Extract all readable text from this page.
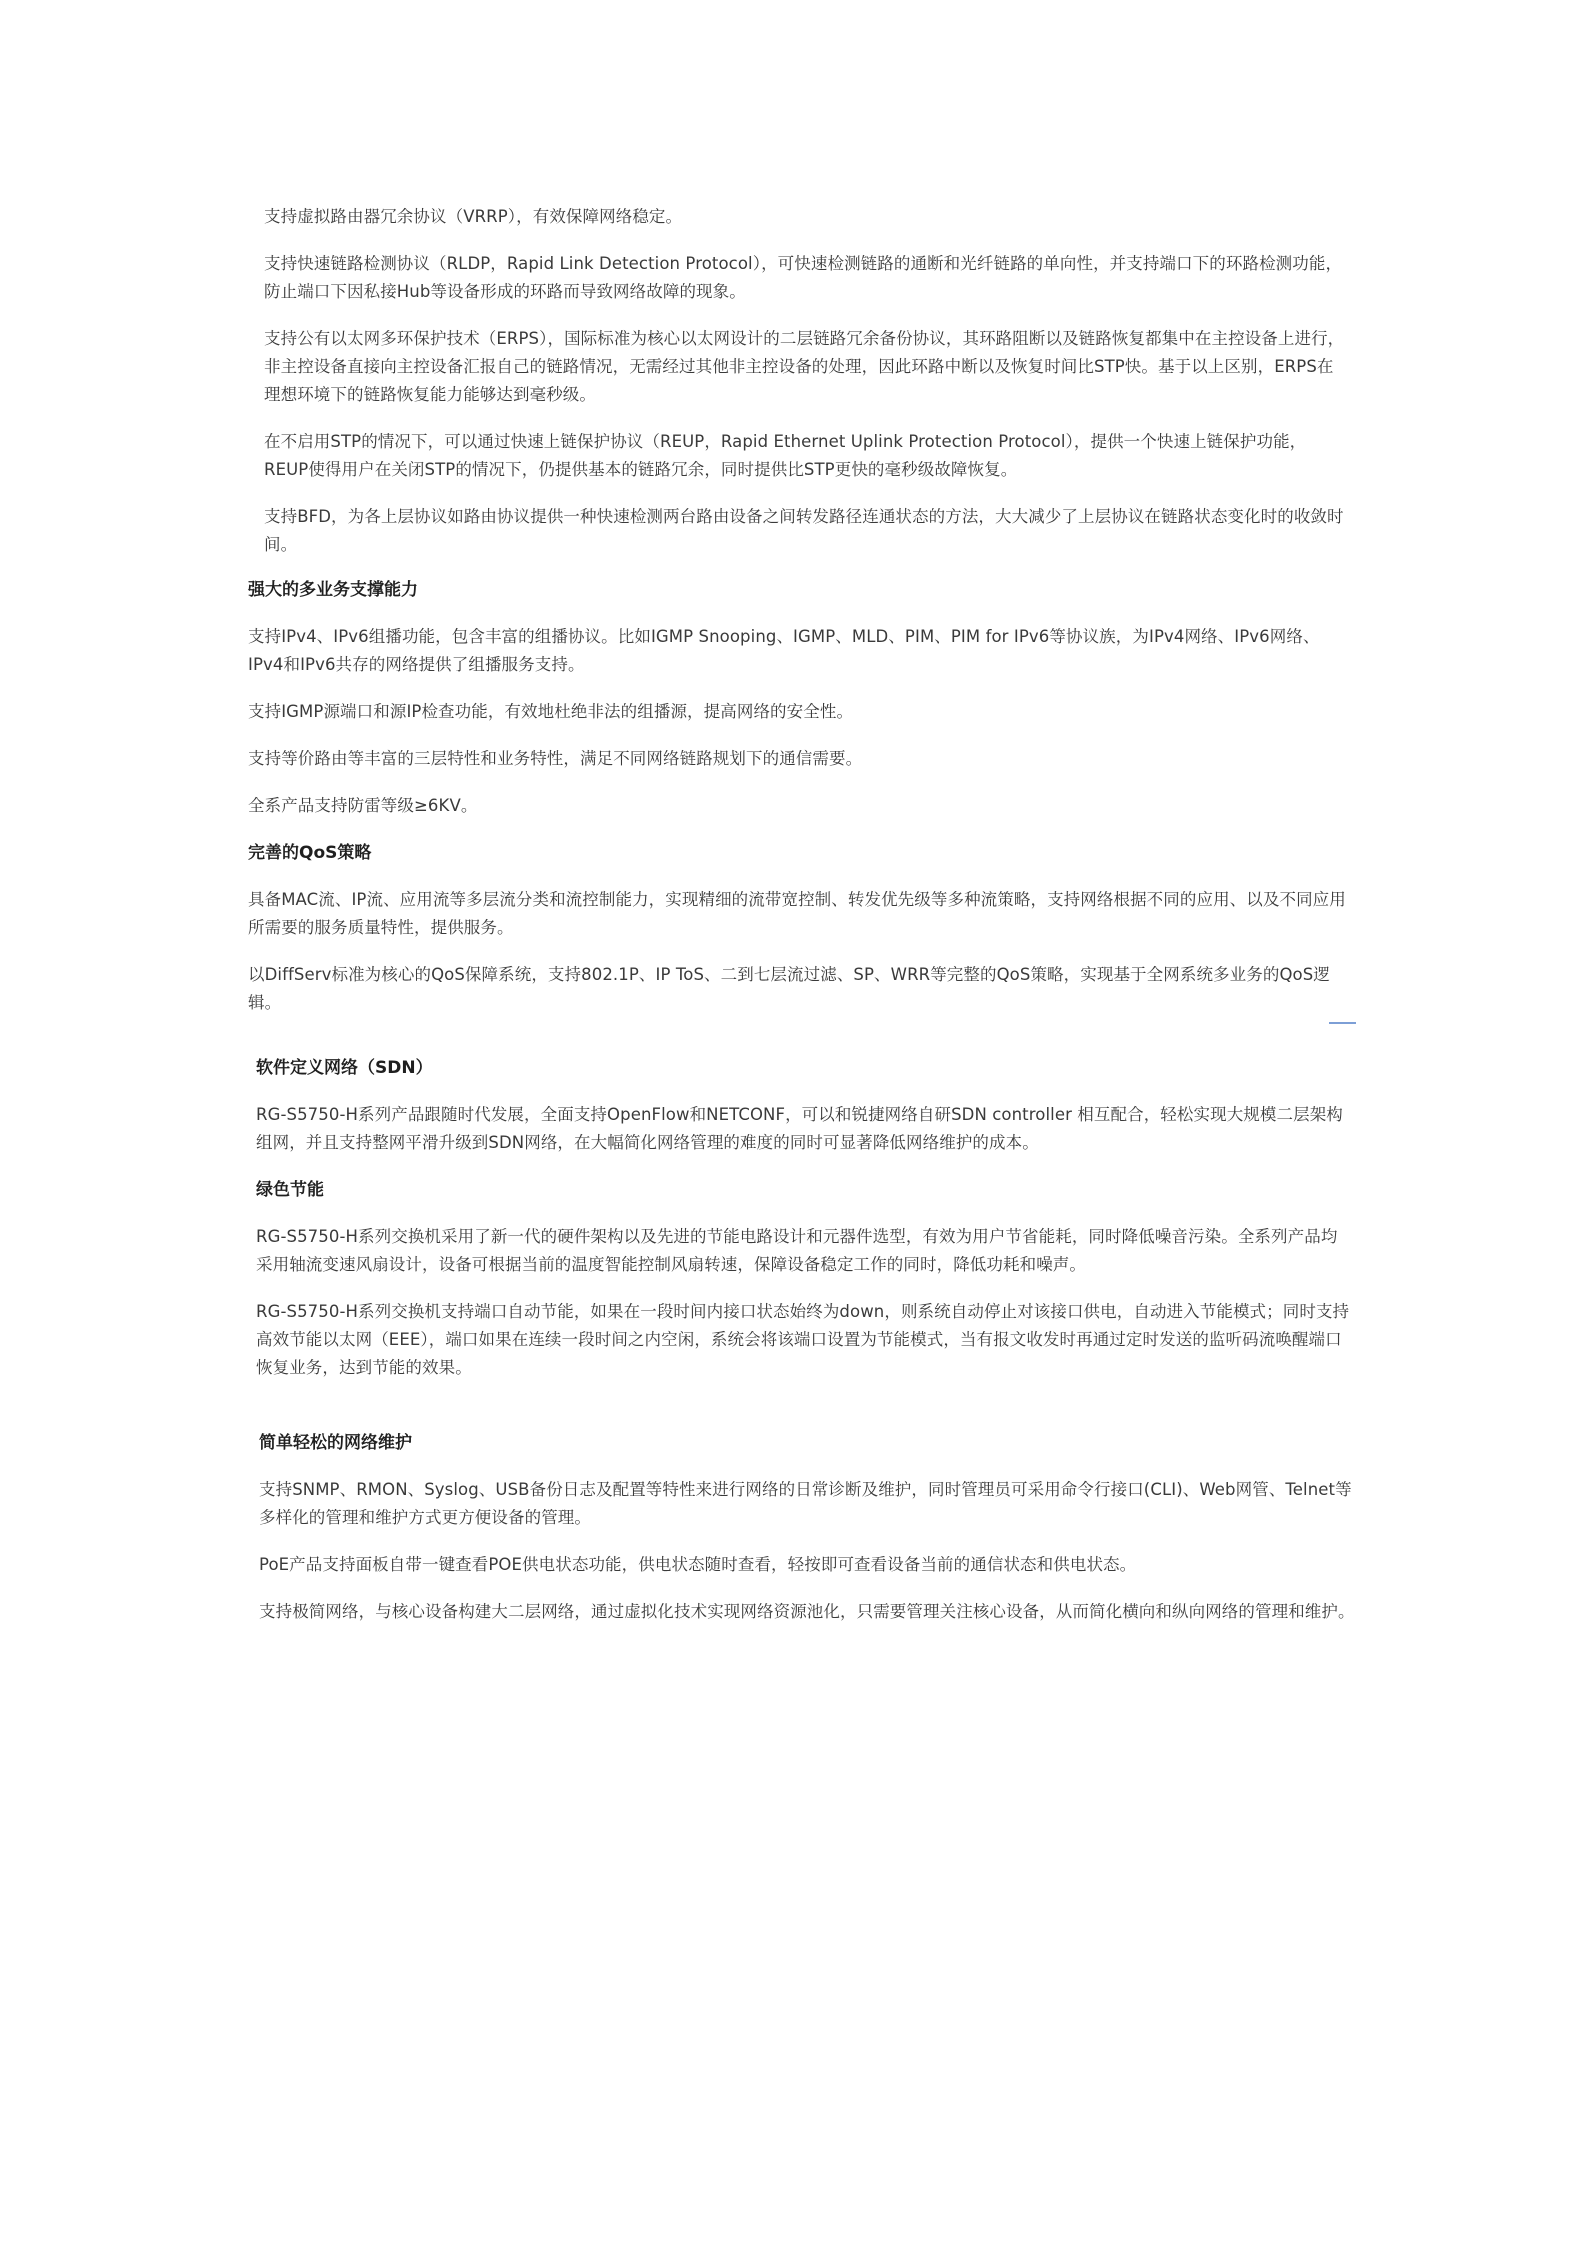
支持虚拟路由器冗余协议（VRRP），有效保障网络稳定。

支持快速链路检测协议（RLDP，Rapid Link Detection Protocol），可快速检测链路的通断和光纤链路的单向性，并支持端口下的环路检测功能，防止端口下因私接Hub等设备形成的环路而导致网络故障的现象。

支持公有以太网多环保护技术（ERPS），国际标准为核心以太网设计的二层链路冗余备份协议，其环路阻断以及链路恢复都集中在主控设备上进行，非主控设备直接向主控设备汇报自己的链路情况，无需经过其他非主控设备的处理，因此环路中断以及恢复时间比STP快。基于以上区别，ERPS在理想环境下的链路恢复能力能够达到毫秒级。

在不启用STP的情况下，可以通过快速上链保护协议（REUP，Rapid Ethernet Uplink Protection Protocol），提供一个快速上链保护功能，REUP使得用户在关闭STP的情况下，仍提供基本的链路冗余，同时提供比STP更快的毫秒级故障恢复。

支持BFD，为各上层协议如路由协议提供一种快速检测两台路由设备之间转发路径连通状态的方法，大大减少了上层协议在链路状态变化时的收敛时间。

强大的多业务支撑能力

支持IPv4、IPv6组播功能，包含丰富的组播协议。比如IGMP Snooping、IGMP、MLD、PIM、PIM for IPv6等协议族，为IPv4网络、IPv6网络、IPv4和IPv6共存的网络提供了组播服务支持。

支持IGMP源端口和源IP检查功能，有效地杜绝非法的组播源，提高网络的安全性。

支持等价路由等丰富的三层特性和业务特性，满足不同网络链路规划下的通信需要。

全系产品支持防雷等级≥6KV。

完善的QoS策略

具备MAC流、IP流、应用流等多层流分类和流控制能力，实现精细的流带宽控制、转发优先级等多种流策略，支持网络根据不同的应用、以及不同应用所需要的服务质量特性，提供服务。

以DiffServ标准为核心的QoS保障系统，支持802.1P、IP ToS、二到七层流过滤、SP、WRR等完整的QoS策略，实现基于全网系统多业务的QoS逻辑。

软件定义网络（SDN）

RG-S5750-H系列产品跟随时代发展，全面支持OpenFlow和NETCONF，可以和锐捷网络自研SDN controller 相互配合，轻松实现大规模二层架构组网，并且支持整网平滑升级到SDN网络，在大幅简化网络管理的难度的同时可显著降低网络维护的成本。

绿色节能

RG-S5750-H系列交换机采用了新一代的硬件架构以及先进的节能电路设计和元器件选型，有效为用户节省能耗，同时降低噪音污染。全系列产品均采用轴流变速风扇设计，设备可根据当前的温度智能控制风扇转速，保障设备稳定工作的同时，降低功耗和噪声。

RG-S5750-H系列交换机支持端口自动节能，如果在一段时间内接口状态始终为down，则系统自动停止对该接口供电，自动进入节能模式；同时支持高效节能以太网（EEE），端口如果在连续一段时间之内空闲，系统会将该端口设置为节能模式，当有报文收发时再通过定时发送的监听码流唤醒端口恢复业务，达到节能的效果。

简单轻松的网络维护

支持SNMP、RMON、Syslog、USB备份日志及配置等特性来进行网络的日常诊断及维护，同时管理员可采用命令行接口(CLI)、Web网管、Telnet等多样化的管理和维护方式更方便设备的管理。

PoE产品支持面板自带一键查看POE供电状态功能，供电状态随时查看，轻按即可查看设备当前的通信状态和供电状态。

支持极简网络，与核心设备构建大二层网络，通过虚拟化技术实现网络资源池化，只需要管理关注核心设备，从而简化横向和纵向网络的管理和维护。
